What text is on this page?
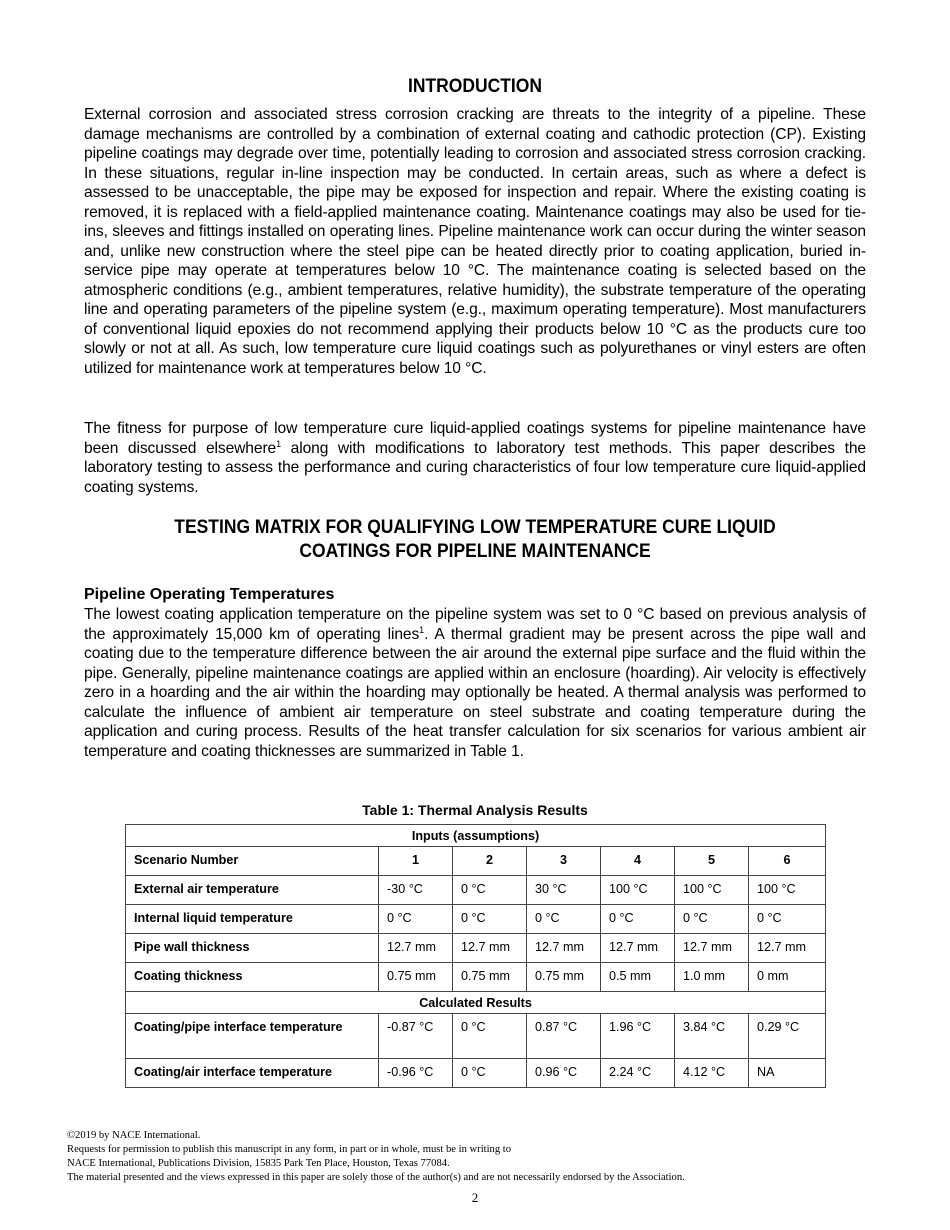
INTRODUCTION
External corrosion and associated stress corrosion cracking are threats to the integrity of a pipeline. These damage mechanisms are controlled by a combination of external coating and cathodic protection (CP). Existing pipeline coatings may degrade over time, potentially leading to corrosion and associated stress corrosion cracking. In these situations, regular in-line inspection may be conducted. In certain areas, such as where a defect is assessed to be unacceptable, the pipe may be exposed for inspection and repair. Where the existing coating is removed, it is replaced with a field-applied maintenance coating. Maintenance coatings may also be used for tie-ins, sleeves and fittings installed on operating lines. Pipeline maintenance work can occur during the winter season and, unlike new construction where the steel pipe can be heated directly prior to coating application, buried in-service pipe may operate at temperatures below 10 °C. The maintenance coating is selected based on the atmospheric conditions (e.g., ambient temperatures, relative humidity), the substrate temperature of the operating line and operating parameters of the pipeline system (e.g., maximum operating temperature). Most manufacturers of conventional liquid epoxies do not recommend applying their products below 10 °C as the products cure too slowly or not at all. As such, low temperature cure liquid coatings such as polyurethanes or vinyl esters are often utilized for maintenance work at temperatures below 10 °C.
The fitness for purpose of low temperature cure liquid-applied coatings systems for pipeline maintenance have been discussed elsewhere$^1$ along with modifications to laboratory test methods. This paper describes the laboratory testing to assess the performance and curing characteristics of four low temperature cure liquid-applied coating systems.
TESTING MATRIX FOR QUALIFYING LOW TEMPERATURE CURE LIQUID
COATINGS FOR PIPELINE MAINTENANCE
Pipeline Operating Temperatures
The lowest coating application temperature on the pipeline system was set to 0 °C based on previous analysis of the approximately 15,000 km of operating lines$^1$. A thermal gradient may be present across the pipe wall and coating due to the temperature difference between the air around the external pipe surface and the fluid within the pipe. Generally, pipeline maintenance coatings are applied within an enclosure (hoarding). Air velocity is effectively zero in a hoarding and the air within the hoarding may optionally be heated. A thermal analysis was performed to calculate the influence of ambient air temperature on steel substrate and coating temperature during the application and curing process. Results of the heat transfer calculation for six scenarios for various ambient air temperature and coating thicknesses are summarized in Table 1.
Table 1: Thermal Analysis Results
Inputs (assumptions)						
Scenario Number	1	2	3	4	5	6
External air temperature	-30 °C	0 °C	30 °C	100 °C	100 °C	100 °C
Internal liquid temperature	0 °C	0 °C	0 °C	0 °C	0 °C	0 °C
Pipe wall thickness	12.7 mm	12.7 mm	12.7 mm	12.7 mm	12.7 mm	12.7 mm
Coating thickness	0.75 mm	0.75 mm	0.75 mm	0.5 mm	1.0 mm	0 mm
Calculated Results						
Coating/pipe interface temperature	-0.87 °C	0 °C	0.87 °C	1.96 °C	3.84 °C	0.29 °C
Coating/air interface temperature	-0.96 °C	0 °C	0.96 °C	2.24 °C	4.12 °C	NA
©2019 by NACE International.
Requests for permission to publish this manuscript in any form, in part or in whole, must be in writing to
NACE International, Publications Division, 15835 Park Ten Place, Houston, Texas 77084.
The material presented and the views expressed in this paper are solely those of the author(s) and are not necessarily endorsed by the Association.
2
